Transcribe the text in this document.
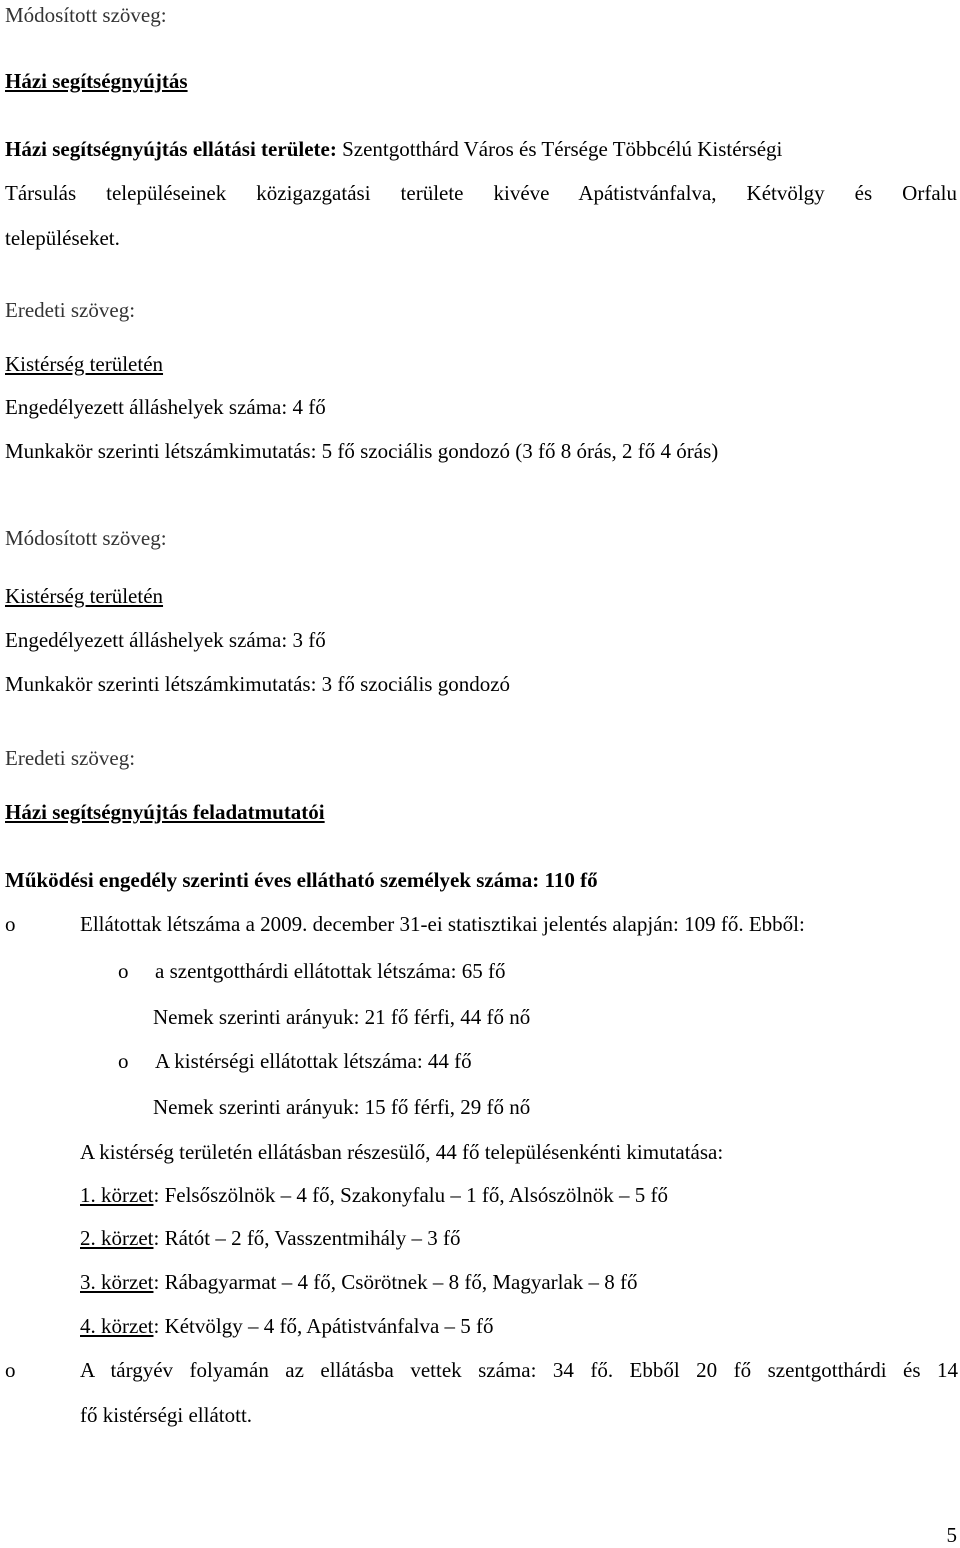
Módosított szöveg:
Házi segítségnyújtás
Házi segítségnyújtás ellátási területe: Szentgotthárd Város és Térsége Többcélú Kistérségi
Társulás településeinek közigazgatási területe kivéve Apátistvánfalva, Kétvölgy és Orfalu
településeket.
Eredeti szöveg:
Kistérség területén
Engedélyezett álláshelyek száma: 4 fő
Munkakör szerinti létszámkimutatás: 5 fő szociális gondozó (3 fő 8 órás, 2 fő 4 órás)
Módosított szöveg:
Kistérség területén
Engedélyezett álláshelyek száma: 3 fő
Munkakör szerinti létszámkimutatás: 3 fő szociális gondozó
Eredeti szöveg:
Házi segítségnyújtás feladatmutatói
Működési engedély szerinti éves ellátható személyek száma: 110 fő
o	Ellátottak létszáma a 2009. december 31-ei statisztikai jelentés alapján: 109 fő. Ebből:
o a szentgotthárdi ellátottak létszáma: 65 fő
Nemek szerinti arányuk: 21 fő férfi, 44 fő nő
o A kistérségi ellátottak létszáma: 44 fő
Nemek szerinti arányuk: 15 fő férfi, 29 fő nő
A kistérség területén ellátásban részesülő, 44 fő településenkénti kimutatása:
1. körzet: Felsőszölnök – 4 fő, Szakonyfalu – 1 fő, Alsószölnök – 5 fő
2. körzet: Rátót – 2 fő, Vasszentmihály – 3 fő
3. körzet: Rábagyarmat – 4 fő, Csörötnek – 8 fő, Magyarlak – 8 fő
4. körzet: Kétvölgy – 4 fő, Apátistvánfalva – 5 fő
o	A tárgyév folyamán az ellátásba vettek száma: 34 fő. Ebből 20 fő szentgotthárdi és 14
fő kistérségi ellátott.
5
